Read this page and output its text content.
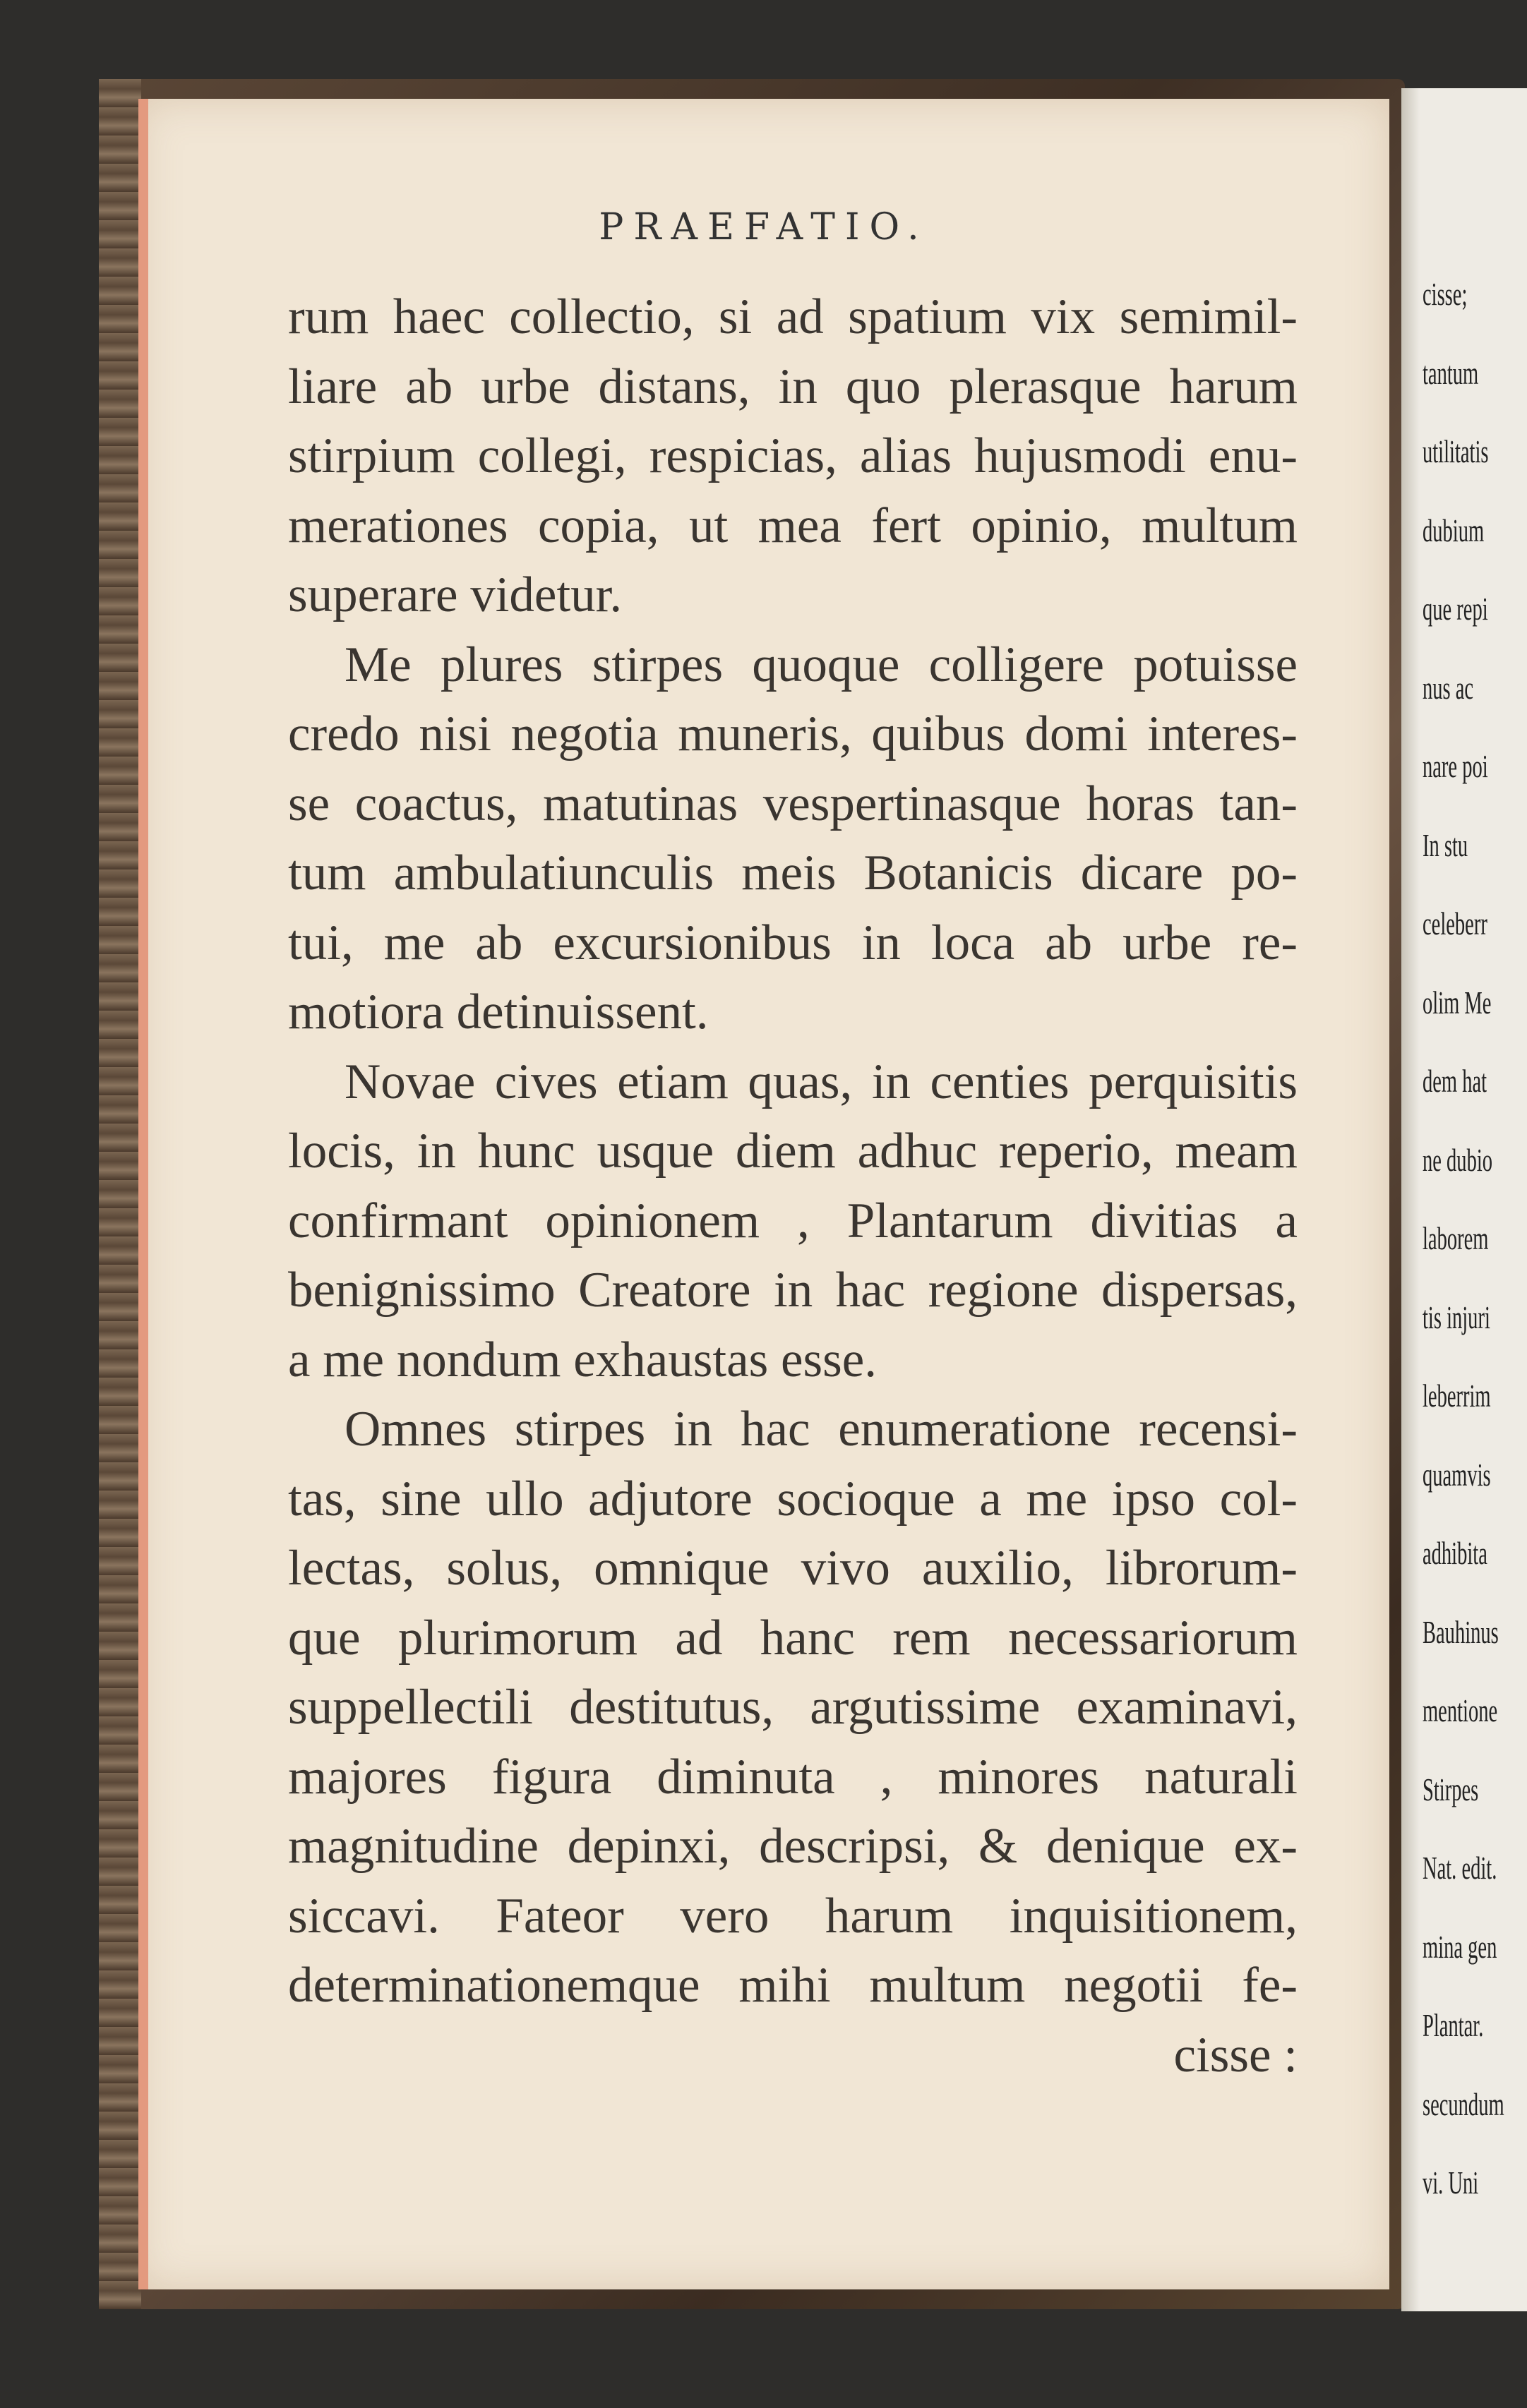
cisse;
tantum
utilitatis
dubium
que repi
nus ac
nare poi
In stu
celeberr
olim Me
dem hat
ne dubio
laborem
tis injuri
leberrim
quamvis
adhibita
Bauhinus
mentione
Stirpes
Nat. edit.
mina gen
Plantar.
secundum
vi. Uni
PRAEFATIO.
rum haec collectio, si ad spatium vix semimil-
liare ab urbe distans, in quo plerasque harum
stirpium collegi, respicias, alias hujusmodi enu-
merationes copia, ut mea fert opinio, multum
superare videtur.
Me plures stirpes quoque colligere potuisse
credo nisi negotia muneris, quibus domi interes-
se coactus, matutinas vespertinasque horas tan-
tum ambulatiunculis meis Botanicis dicare po-
tui, me ab excursionibus in loca ab urbe re-
motiora detinuissent.
Novae cives etiam quas, in centies perquisitis
locis, in hunc usque diem adhuc reperio, meam
confirmant opinionem , Plantarum divitias a
benignissimo Creatore in hac regione dispersas,
a me nondum exhaustas esse.
Omnes stirpes in hac enumeratione recensi-
tas, sine ullo adjutore socioque a me ipso col-
lectas, solus, omnique vivo auxilio, librorum-
que plurimorum ad hanc rem necessariorum
suppellectili destitutus, argutissime examinavi,
majores figura diminuta , minores naturali
magnitudine depinxi, descripsi, & denique ex-
siccavi. Fateor vero harum inquisitionem,
determinationemque mihi multum negotii fe-
cisse :
